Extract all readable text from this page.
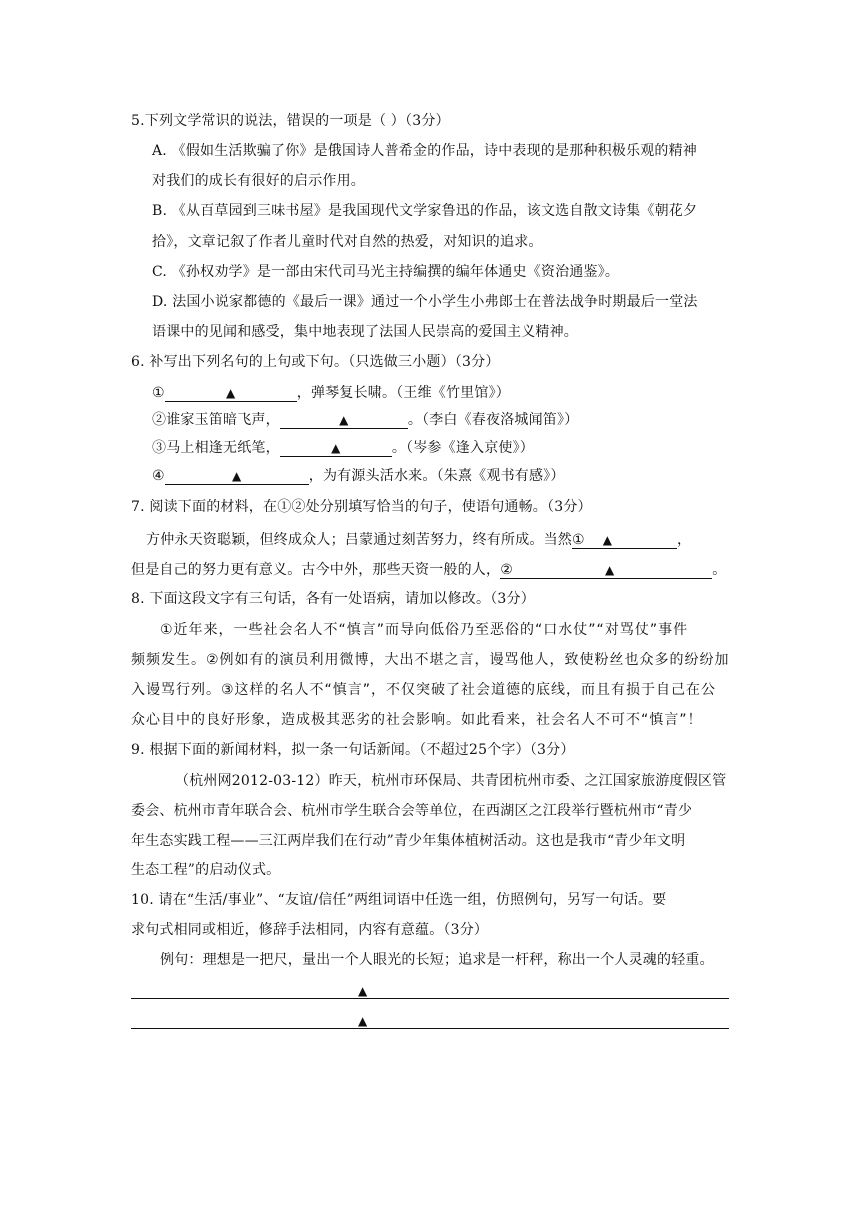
5.下列文学常识的说法，错误的一项是（ ）（3分）
A. 《假如生活欺骗了你》是俄国诗人普希金的作品，诗中表现的是那种积极乐观的精神
对我们的成长有很好的启示作用。
B. 《从百草园到三味书屋》是我国现代文学家鲁迅的作品，该文选自散文诗集《朝花夕
拾》，文章记叙了作者儿童时代对自然的热爱，对知识的追求。
C. 《孙权劝学》是一部由宋代司马光主持编撰的编年体通史《资治通鉴》。
D. 法国小说家都德的《最后一课》通过一个小学生小弗郎士在普法战争时期最后一堂法
语课中的见闻和感受，集中地表现了法国人民崇高的爱国主义精神。
6. 补写出下列名句的上句或下句。（只选做三小题）（3分）
①	▲	，弹琴复长啸。（王维《竹里馆》）
②谁家玉笛暗飞声，	▲	。（李白《春夜洛城闻笛》）
③马上相逢无纸笔，	▲	。（岑参《逢入京使》）
④	▲	，为有源头活水来。（朱熹《观书有感》）
7. 阅读下面的材料，在①②处分别填写恰当的句子，使语句通畅。（3分）
方仲永天资聪颖，但终成众人；吕蒙通过刻苦努力，终有所成。当然① ▲	，
但是自己的努力更有意义。古今中外，那些天资一般的人，②	▲	。
8. 下面这段文字有三句话，各有一处语病，请加以修改。（3分）
①近年来，一些社会名人不“慎言”而导向低俗乃至恶俗的“口水仗”“对骂仗”事件
频频发生。②例如有的演员利用微博，大出不堪之言，谩骂他人，致使粉丝也众多的纷纷加
入谩骂行列。③这样的名人不“慎言”，不仅突破了社会道德的底线，而且有损于自己在公
众心目中的良好形象，造成极其恶劣的社会影响。如此看来，社会名人不可不“慎言”！
9. 根据下面的新闻材料，拟一条一句话新闻。（不超过25个字）（3分）
（杭州网2012-03-12）昨天，杭州市环保局、共青团杭州市委、之江国家旅游度假区管
委会、杭州市青年联合会、杭州市学生联合会等单位，在西湖区之江段举行暨杭州市“青少
年生态实践工程——三江两岸我们在行动”青少年集体植树活动。这也是我市“青少年文明
生态工程”的启动仪式。
10. 请在“生活/事业”、“友谊/信任”两组词语中任选一组，仿照例句，另写一句话。要
求句式相同或相近，修辞手法相同，内容有意蕴。（3分）
例句：理想是一把尺，量出一个人眼光的长短；追求是一杆秤，称出一个人灵魂的轻重。
▲
▲
